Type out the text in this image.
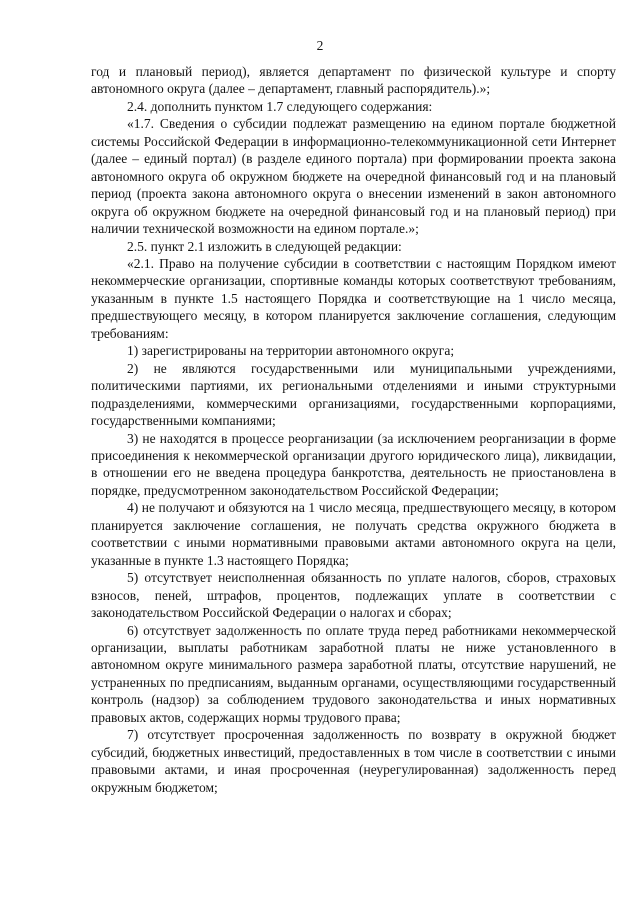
2

год и плановый период), является департамент по физической культуре и спорту автономного округа (далее – департамент, главный распорядитель).»;

2.4. дополнить пунктом 1.7 следующего содержания:

«1.7. Сведения о субсидии подлежат размещению на едином портале бюджетной системы Российской Федерации в информационно-телекоммуникационной сети Интернет (далее – единый портал) (в разделе единого портала) при формировании проекта закона автономного округа об окружном бюджете на очередной финансовый год и на плановый период (проекта закона автономного округа о внесении изменений в закон автономного округа об окружном бюджете на очередной финансовый год и на плановый период) при наличии технической возможности на едином портале.»;

2.5. пункт 2.1 изложить в следующей редакции:

«2.1. Право на получение субсидии в соответствии с настоящим Порядком имеют некоммерческие организации, спортивные команды которых соответствуют требованиям, указанным в пункте 1.5 настоящего Порядка и соответствующие на 1 число месяца, предшествующего месяцу, в котором планируется заключение соглашения, следующим требованиям:

1) зарегистрированы на территории автономного округа;

2) не являются государственными или муниципальными учреждениями, политическими партиями, их региональными отделениями и иными структурными подразделениями, коммерческими организациями, государственными корпорациями, государственными компаниями;

3) не находятся в процессе реорганизации (за исключением реорганизации в форме присоединения к некоммерческой организации другого юридического лица), ликвидации, в отношении его не введена процедура банкротства, деятельность не приостановлена в порядке, предусмотренном законодательством Российской Федерации;

4) не получают и обязуются на 1 число месяца, предшествующего месяцу, в котором планируется заключение соглашения, не получать средства окружного бюджета в соответствии с иными нормативными правовыми актами автономного округа на цели, указанные в пункте 1.3 настоящего Порядка;

5) отсутствует неисполненная обязанность по уплате налогов, сборов, страховых взносов, пеней, штрафов, процентов, подлежащих уплате в соответствии с законодательством Российской Федерации о налогах и сборах;

6) отсутствует задолженность по оплате труда перед работниками некоммерческой организации, выплаты работникам заработной платы не ниже установленного в автономном округе минимального размера заработной платы, отсутствие нарушений, не устраненных по предписаниям, выданным органами, осуществляющими государственный контроль (надзор) за соблюдением трудового законодательства и иных нормативных правовых актов, содержащих нормы трудового права;

7) отсутствует просроченная задолженность по возврату в окружной бюджет субсидий, бюджетных инвестиций, предоставленных в том числе в соответствии с иными правовыми актами, и иная просроченная (неурегулированная) задолженность перед окружным бюджетом;
